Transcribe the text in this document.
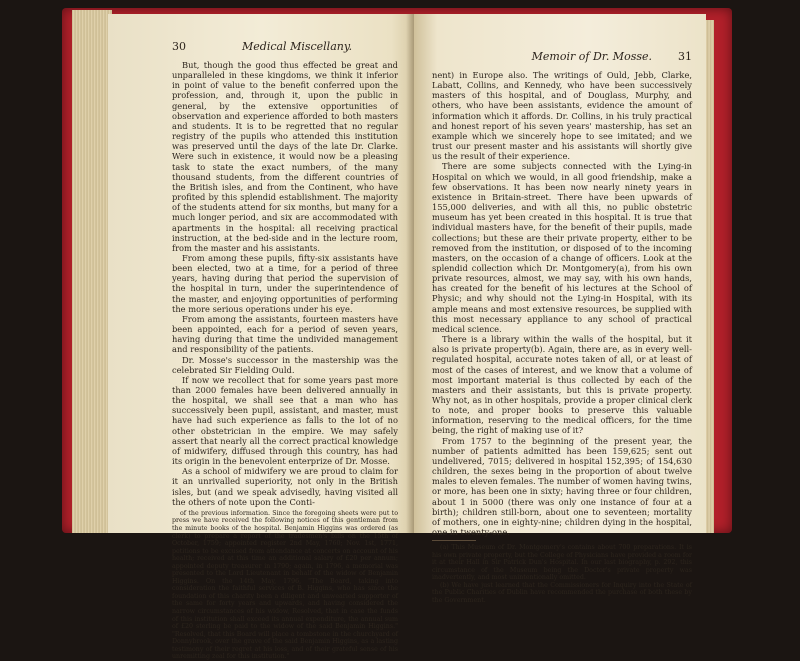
30	Medical Miscellany.

But, though the good thus effected be great and unparalleled in these kingdoms, we think it inferior in point of value to the benefit conferred upon the profession, and, through it, upon the public in general, by the extensive opportunities of observation and experience afforded to both masters and students. It is to be regretted that no regular registry of the pupils who attended this institution was preserved until the days of the late Dr. Clarke. Were such in existence, it would now be a pleasing task to state the exact numbers, of the many thousand students, from the different countries of the British isles, and from the Continent, who have profited by this splendid establishment. The majority of the students attend for six months, but many for a much longer period, and six are accommodated with apartments in the hospital: all receiving practical instruction, at the bed-side and in the lecture room, from the master and his assistants.

From among these pupils, fifty-six assistants have been elected, two at a time, for a period of three years, having during that period the supervision of the hospital in turn, under the superintendence of the master, and enjoying opportunities of performing the more serious operations under his eye.

From among the assistants, fourteen masters have been appointed, each for a period of seven years, having during that time the undivided management and responsibility of the patients.

Dr. Mosse's successor in the mastership was the celebrated Sir Fielding Ould.

If now we recollect that for some years past more than 2000 females have been delivered annually in the hospital, we shall see that a man who has successively been pupil, assistant, and master, must have had such experience as falls to the lot of no other obstetrician in the empire. We may safely assert that nearly all the correct practical knowledge of midwifery, diffused through this country, has had its origin in the benevolent enterprize of Dr. Mosse.

As a school of midwifery we are proud to claim for it an unrivalled superiority, not only in the British isles, but (and we speak advisedly, having visited all the others of note upon the Conti-

of the previous information. Since the foregoing sheets were put to press we have received the following notices of this gentleman from the minute books of the hospital. Benjamin Higgins was ordered (as clerk) to prepare a report of the tradesmen's bills on the 15th of October, 1759; appointed register 2nd May, 1760; Nov. 1st, 1771, petitions to be excused from attendance at concerts on account of his health; received at this time an additional salary of £20 per annum; appointed deputy treasurer in 1790; again, in 1796, a memorial was presented to the Lord Lieutenant in behalf of the widow of Benjamin Higgins. On the 14th May, 1796, "The Board, taking into consideration the faithful services of B. Higgins, who has since the foundation of this charity been a diligent and unwearied supporter of the same for forty years and upwards, and having considered the narrow circumstances of his widow, Resolved, that in case the funds of this institution shall exceed its annual expenditure, the annual sum of £20 sterling be paid to the widow of the said Benjamin Higgins." "Resolved, that this Board will place a tombstone in the churchyard of Donnybrook, over the grave of the said Benjamin Higgins, as a lasting testimony of their regret at his loss, and of their grateful sense of his unremitting zeal for this institution."

Memoir of Dr. Mosse. 31

nent) in Europe also. The writings of Ould, Jebb, Clarke, Labatt, Collins, and Kennedy, who have been successively masters of this hospital, and of Douglass, Murphy, and others, who have been assistants, evidence the amount of information which it affords. Dr. Collins, in his truly practical and honest report of his seven years' mastership, has set an example which we sincerely hope to see imitated; and we trust our present master and his assistants will shortly give us the result of their experience.

There are some subjects connected with the Lying-in Hospital on which we would, in all good friendship, make a few observations. It has been now nearly ninety years in existence in Britain-street. There have been upwards of 155,000 deliveries, and with all this, no public obstetric museum has yet been created in this hospital. It is true that individual masters have, for the benefit of their pupils, made collections; but these are their private property, either to be removed from the institution, or disposed of to the incoming masters, on the occasion of a change of officers. Look at the splendid collection which Dr. Montgomery(a), from his own private resources, almost, we may say, with his own hands, has created for the benefit of his lectures at the School of Physic; and why should not the Lying-in Hospital, with its ample means and most extensive resources, be supplied with this most necessary appliance to any school of practical medical science.

There is a library within the walls of the hospital, but it also is private property(b). Again, there are, as in every well-regulated hospital, accurate notes taken of all, or at least of most of the cases of interest, and we know that a volume of most important material is thus collected by each of the masters and their assistants, but this is private property. Why not, as in other hospitals, provide a proper clinical clerk to note, and proper books to preserve this valuable information, reserving to the medical officers, for the time being, the right of making use of it?

From 1757 to the beginning of the present year, the number of patients admitted has been 159,625; sent out undelivered, 7015; delivered in hospital 152,395; of 154,630 children, the sexes being in the proportion of about twelve males to eleven females. The number of women having twins, or more, has been one in sixty; having three or four children, about 1 in 5000 (there was only one instance of four at a birth); children still-born, about one to seventeen; mortality of mothers, one in eighty-nine; children dying in the hospital, one in twenty-one.

(a) This Museum of Dr. Montgomery's contains about 700 preparations. It is his own private property, but the College of Physicians have provided a room for it at their Hall in Sir Patrick Dun's Hospital. In our last biography, p. 292, this circumstance of the Museum being the Doctor's private property was inadvertently, and most unintentionally omitted.

(b) We have just learned that the Commissioners for Inquiry into the State of the Public Charities of Dublin have recommended the purchase of both these by the Government.
